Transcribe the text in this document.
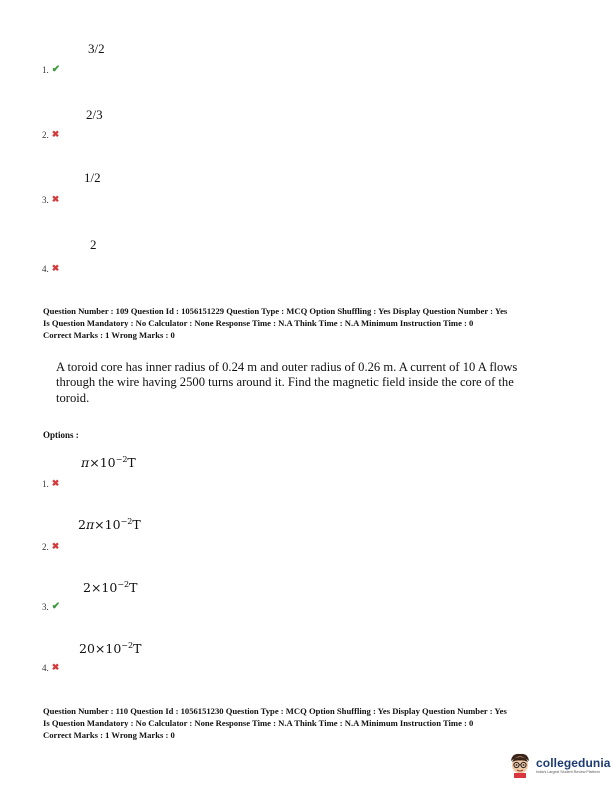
3/2
1. ✔
2/3
2. ✖
1/2
3. ✖
2
4. ✖
Question Number : 109 Question Id : 1056151229 Question Type : MCQ Option Shuffling : Yes Display Question Number : Yes
Is Question Mandatory : No Calculator : None Response Time : N.A Think Time : N.A Minimum Instruction Time : 0
Correct Marks : 1 Wrong Marks : 0
A toroid core has inner radius of 0.24 m and outer radius of 0.26 m. A current of 10 A flows through the wire having 2500 turns around it. Find the magnetic field inside the core of the toroid.
Options :
$\pi\times 10^{-2}T$
1. ✖
$2\pi\times 10^{-2}T$
2. ✖
$2\times 10^{-2}T$
3. ✔
$20\times 10^{-2}T$
4. ✖
Question Number : 110 Question Id : 1056151230 Question Type : MCQ Option Shuffling : Yes Display Question Number : Yes
Is Question Mandatory : No Calculator : None Response Time : N.A Think Time : N.A Minimum Instruction Time : 0
Correct Marks : 1 Wrong Marks : 0
collegedunia
India's Largest Student Review Platform
